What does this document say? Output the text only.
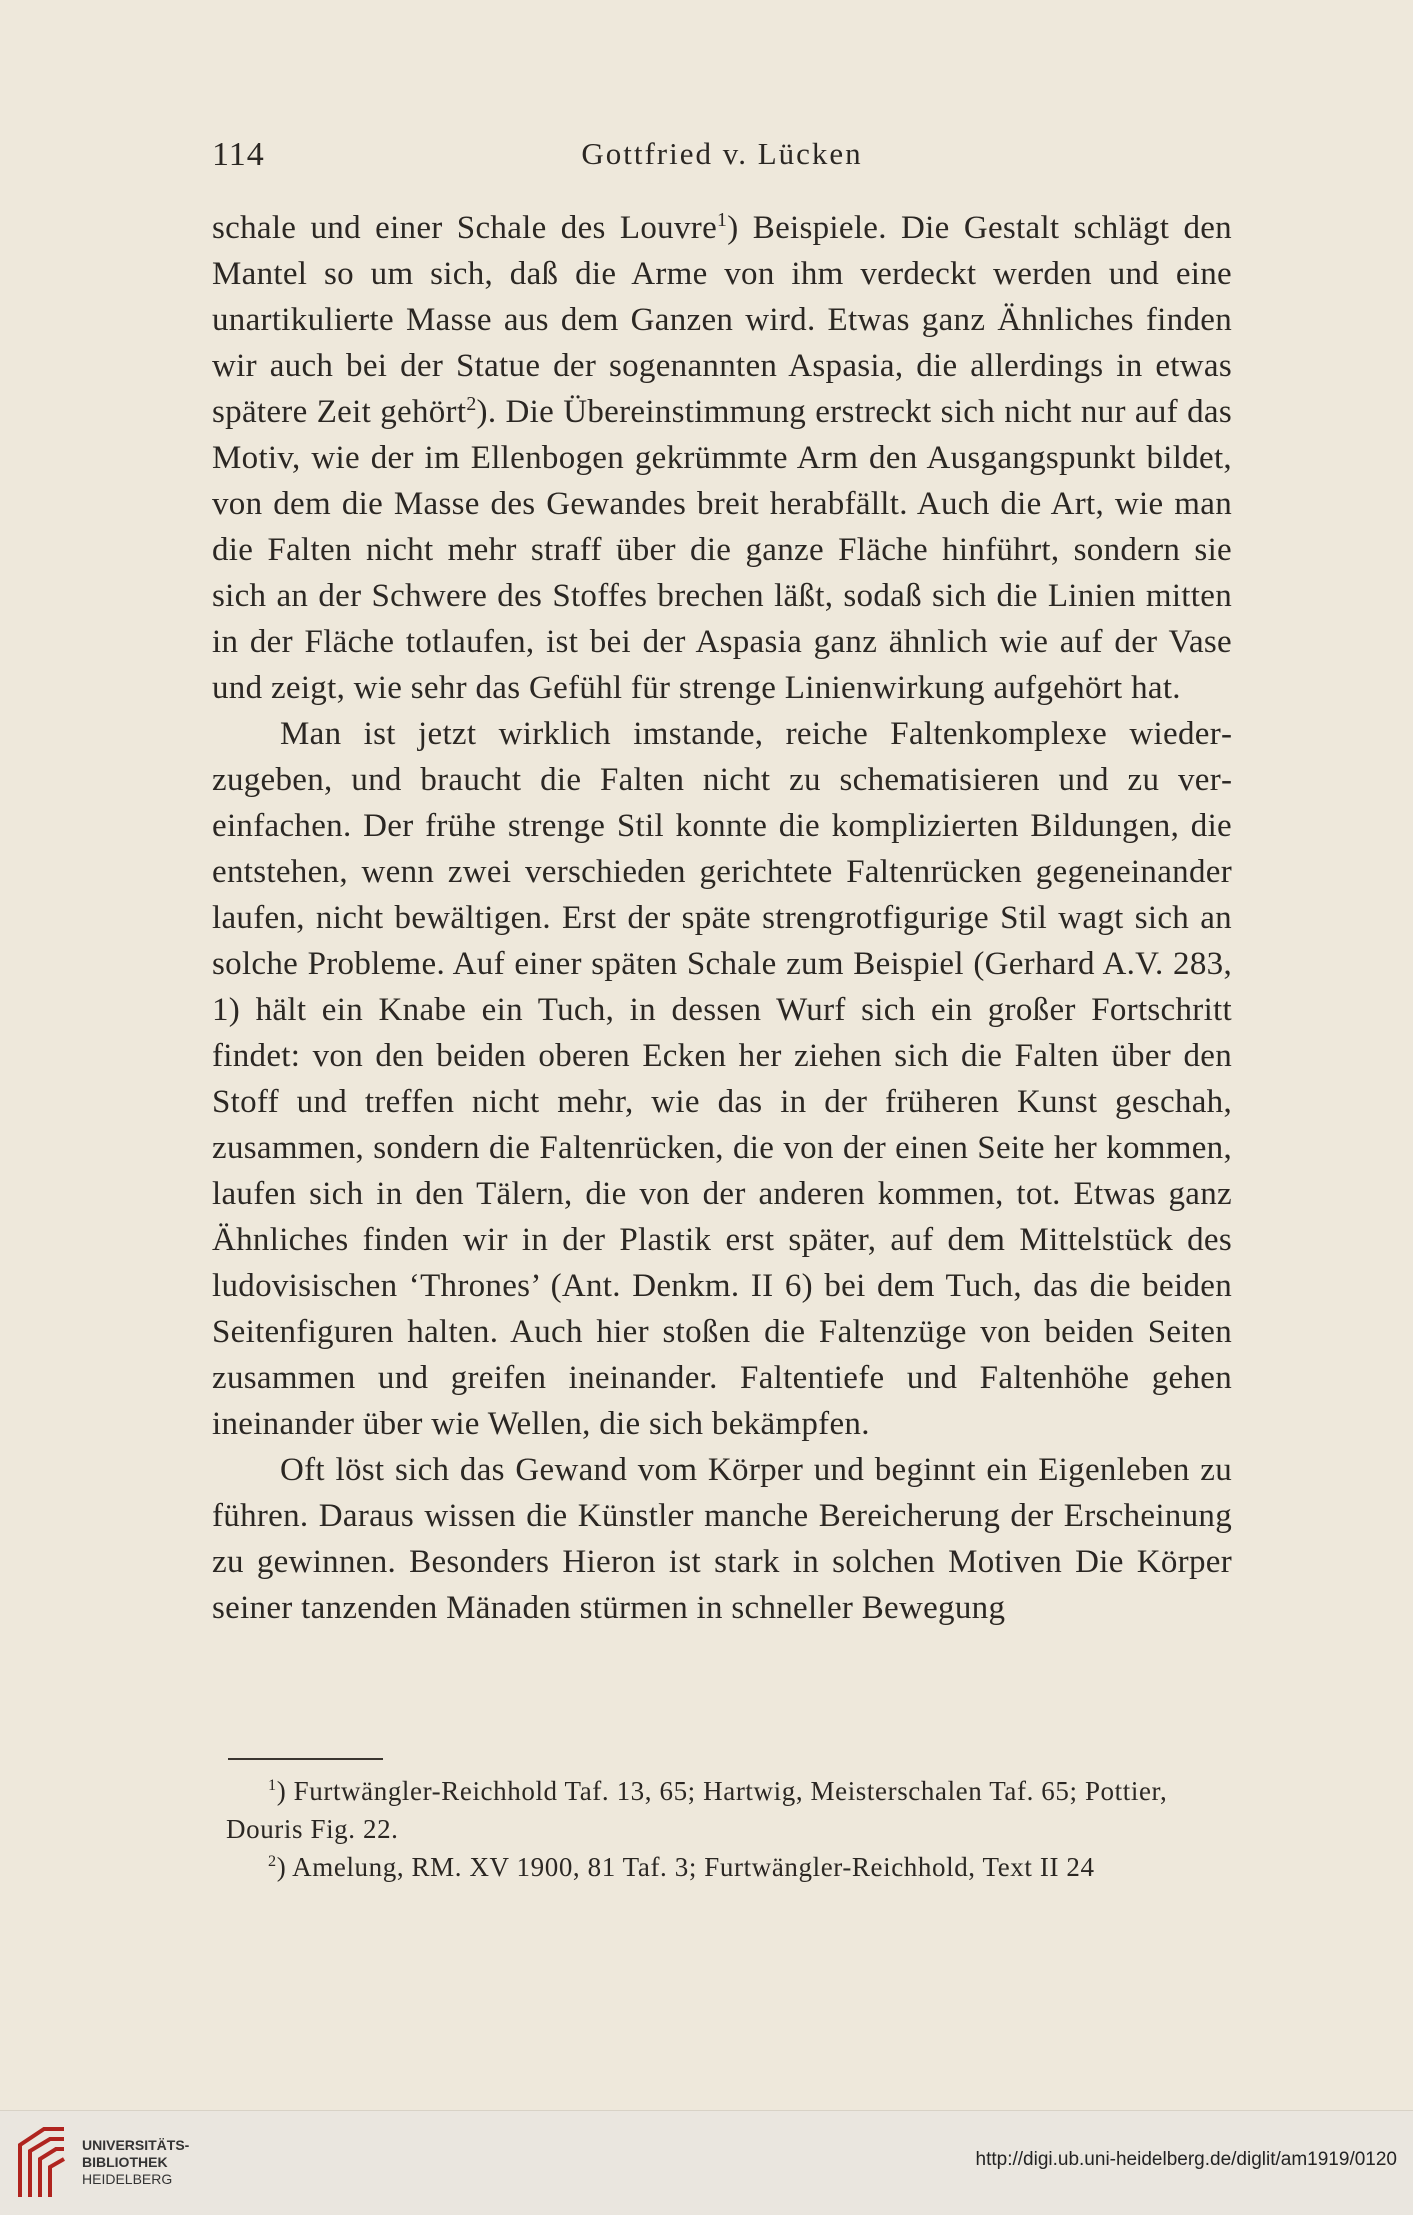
114	Gottfried v. Lücken

schale und einer Schale des Louvre$^1$) Beispiele. Die Gestalt schlägt den Mantel so um sich, daß die Arme von ihm verdeckt werden und eine unartikulierte Masse aus dem Ganzen wird. Etwas ganz Ähnliches finden wir auch bei der Statue der sogenannten Aspasia, die allerdings in etwas spätere Zeit gehört$^2$). Die Übereinstimmung erstreckt sich nicht nur auf das Motiv, wie der im Ellenbogen gekrümmte Arm den Ausgangspunkt bildet, von dem die Masse des Gewandes breit herabfällt. Auch die Art, wie man die Falten nicht mehr straff über die ganze Fläche hinführt, sondern sie sich an der Schwere des Stoffes brechen läßt, sodaß sich die Linien mitten in der Fläche totlaufen, ist bei der Aspasia ganz ähnlich wie auf der Vase und zeigt, wie sehr das Gefühl für strenge Linienwirkung aufgehört hat.

Man ist jetzt wirklich imstande, reiche Faltenkomplexe wiederzugeben, und braucht die Falten nicht zu schematisieren und zu vereinfachen. Der frühe strenge Stil konnte die komplizierten Bildungen, die entstehen, wenn zwei verschieden gerichtete Faltenrücken gegeneinander laufen, nicht bewältigen. Erst der späte strengrotfigurige Stil wagt sich an solche Probleme. Auf einer späten Schale zum Beispiel (Gerhard A.V. 283, 1) hält ein Knabe ein Tuch, in dessen Wurf sich ein großer Fortschritt findet: von den beiden oberen Ecken her ziehen sich die Falten über den Stoff und treffen nicht mehr, wie das in der früheren Kunst geschah, zusammen, sondern die Faltenrücken, die von der einen Seite her kommen, laufen sich in den Tälern, die von der anderen kommen, tot. Etwas ganz Ähnliches finden wir in der Plastik erst später, auf dem Mittelstück des ludovisischen ‘Thrones’ (Ant. Denkm. II 6) bei dem Tuch, das die beiden Seitenfiguren halten. Auch hier stoßen die Faltenzüge von beiden Seiten zusammen und greifen ineinander. Faltentiefe und Faltenhöhe gehen ineinander über wie Wellen, die sich bekämpfen.

Oft löst sich das Gewand vom Körper und beginnt ein Eigenleben zu führen. Daraus wissen die Künstler manche Bereicherung der Erscheinung zu gewinnen. Besonders Hieron ist stark in solchen Motiven Die Körper seiner tanzenden Mänaden stürmen in schneller Bewegung

$^1$) Furtwängler-Reichhold Taf. 13, 65; Hartwig, Meisterschalen Taf. 65; Pottier, Douris Fig. 22.

$^2$) Amelung, RM. XV 1900, 81 Taf. 3; Furtwängler-Reichhold, Text II 24

UNIVERSITÄTS-
BIBLIOTHEK
HEIDELBERG
http://digi.ub.uni-heidelberg.de/diglit/am1919/0120
